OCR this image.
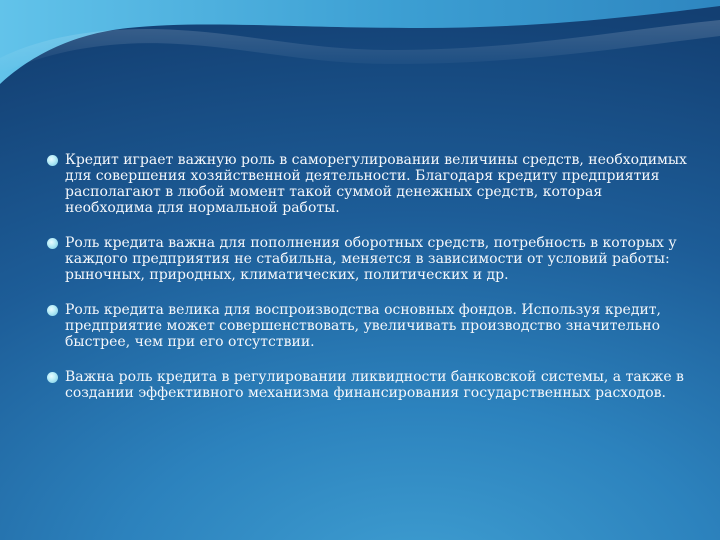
Кредит играет важную роль в саморегулировании величины средств, необходимых для совершения хозяйственной деятельности. Благодаря кредиту предприятия располагают в любой момент такой суммой денежных средств, которая необходима для нормальной работы.
Роль кредита важна для пополнения оборотных средств, потребность в которых у каждого предприятия не стабильна, меняется в зависимости от условий работы: рыночных, природных, климатических, политических и др.
Роль кредита велика для воспроизводства основных фондов. Используя кредит, предприятие может совершенствовать, увеличивать производство значительно быстрее, чем при его отсутствии.
Важна роль кредита в регулировании ликвидности банковской системы, а также в создании эффективного механизма финансирования государственных расходов.
